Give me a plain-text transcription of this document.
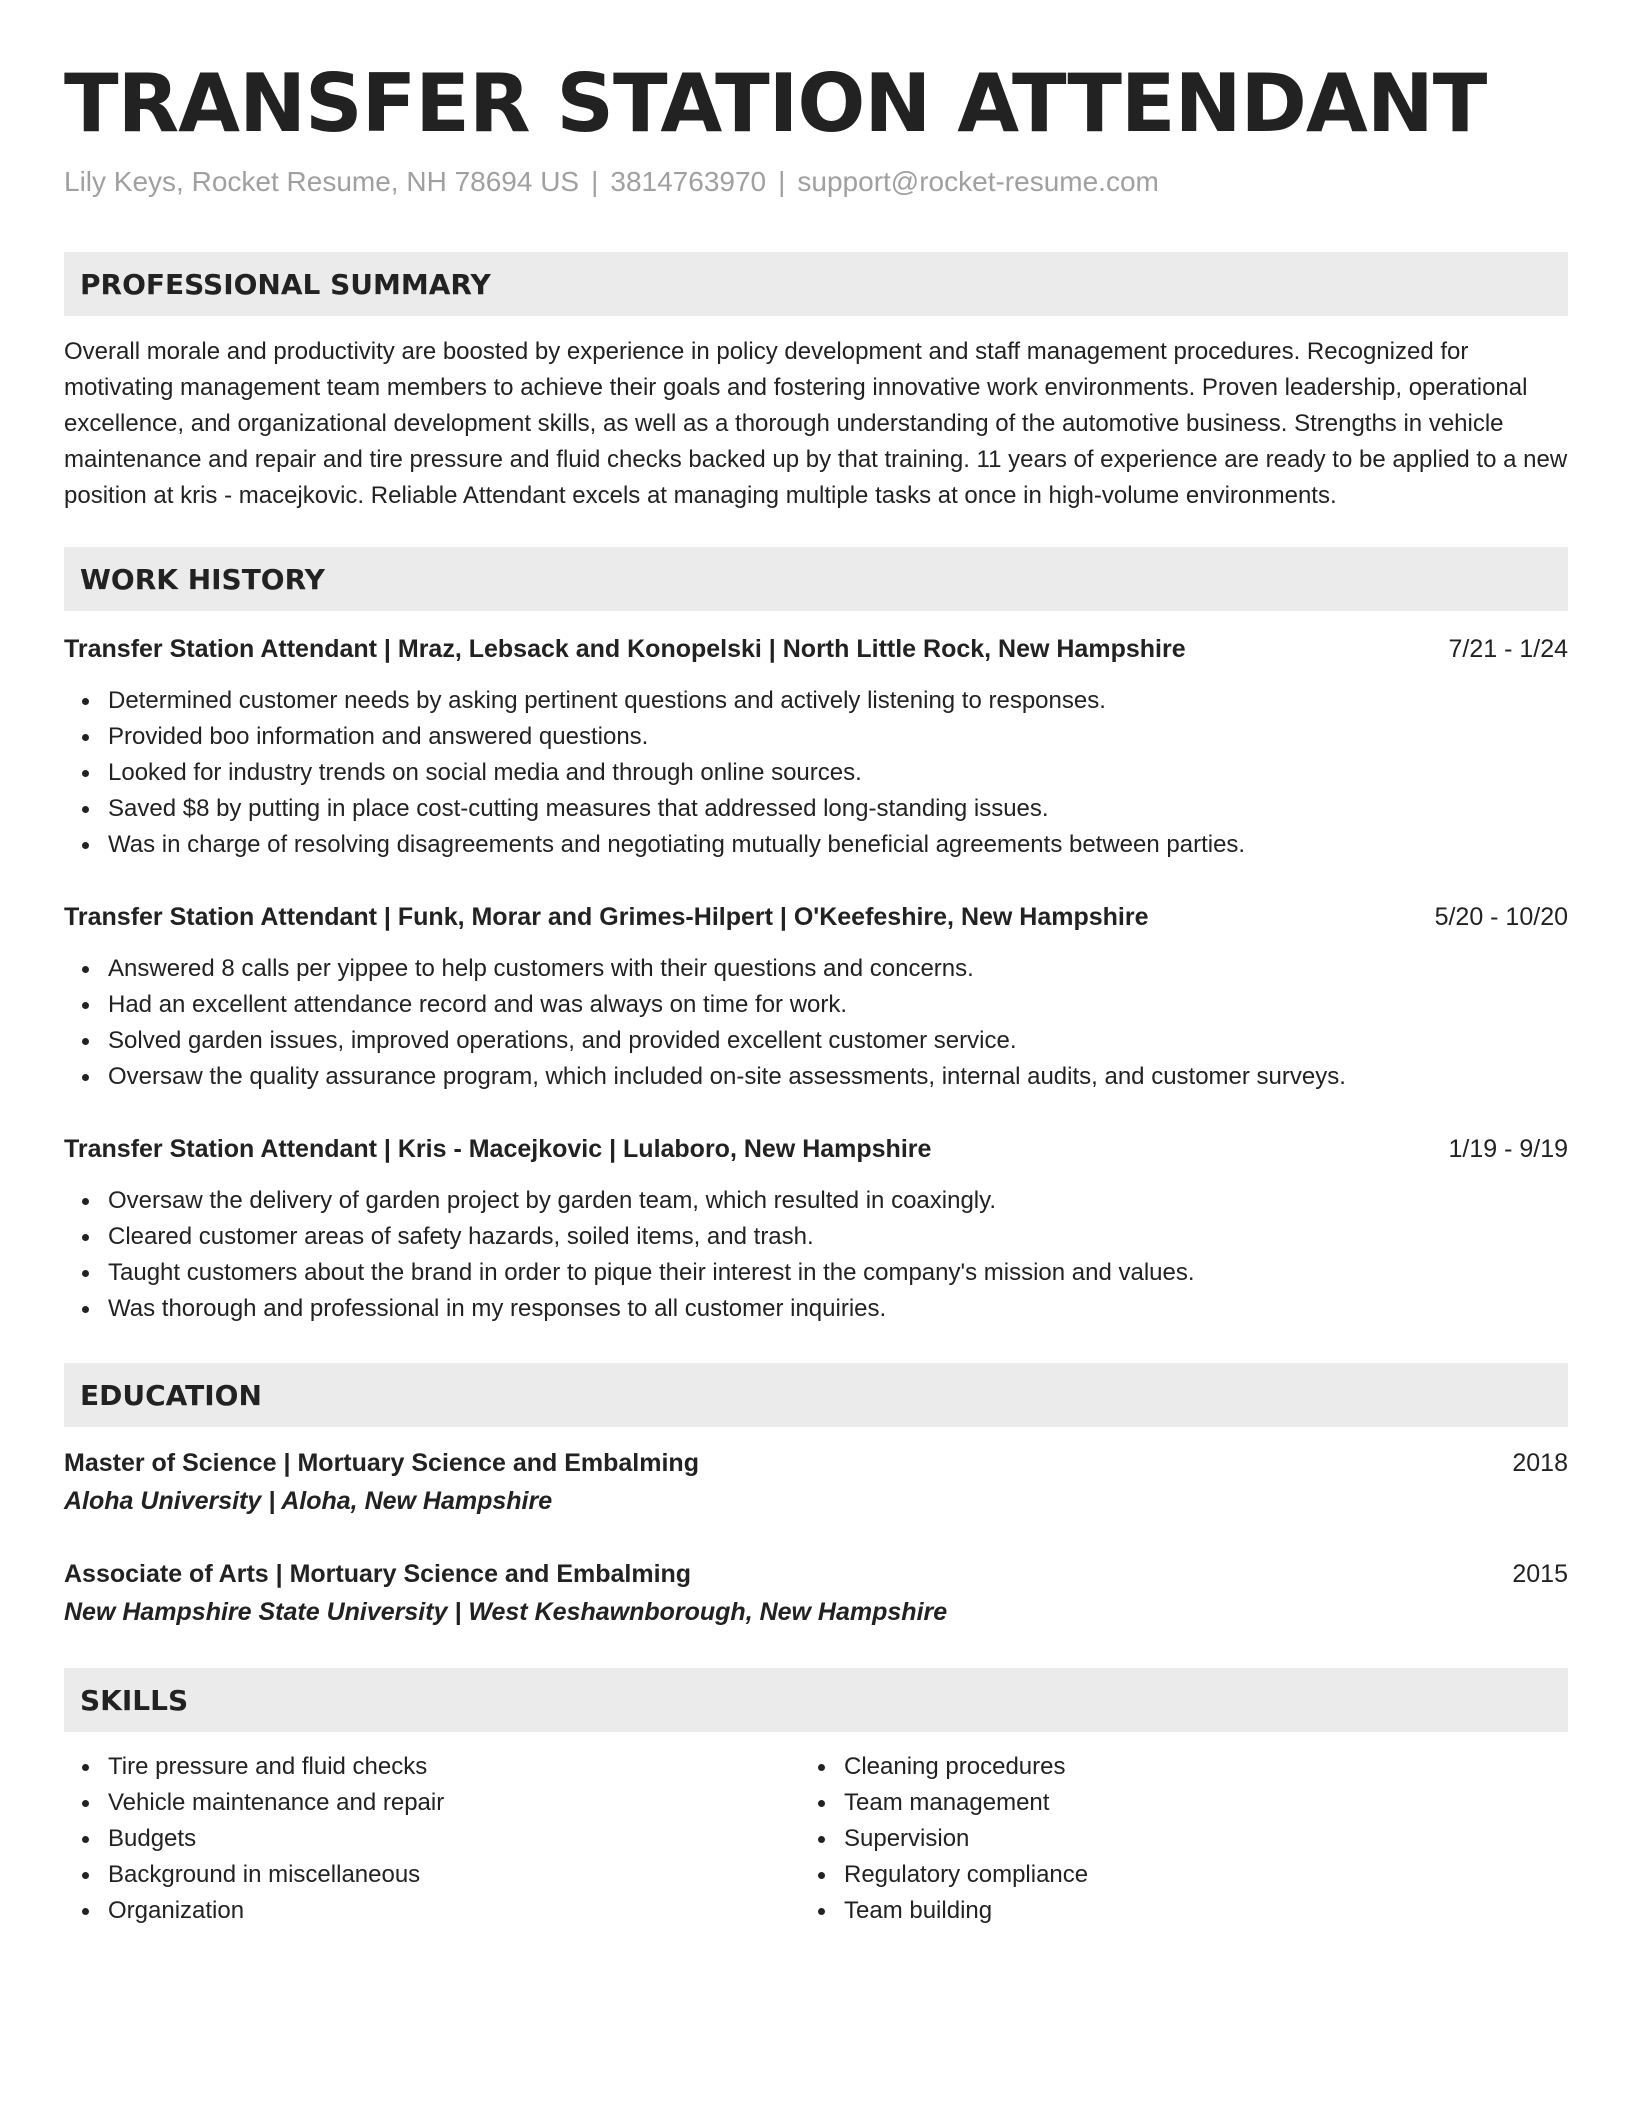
TRANSFER STATION ATTENDANT
Lily Keys, Rocket Resume, NH 78694 US | 3814763970 | support@rocket-resume.com
PROFESSIONAL SUMMARY
Overall morale and productivity are boosted by experience in policy development and staff management procedures. Recognized for motivating management team members to achieve their goals and fostering innovative work environments. Proven leadership, operational excellence, and organizational development skills, as well as a thorough understanding of the automotive business. Strengths in vehicle maintenance and repair and tire pressure and fluid checks backed up by that training. 11 years of experience are ready to be applied to a new position at kris - macejkovic. Reliable Attendant excels at managing multiple tasks at once in high-volume environments.
WORK HISTORY
Transfer Station Attendant | Mraz, Lebsack and Konopelski | North Little Rock, New Hampshire	7/21 - 1/24
Determined customer needs by asking pertinent questions and actively listening to responses.
Provided boo information and answered questions.
Looked for industry trends on social media and through online sources.
Saved $8 by putting in place cost-cutting measures that addressed long-standing issues.
Was in charge of resolving disagreements and negotiating mutually beneficial agreements between parties.
Transfer Station Attendant | Funk, Morar and Grimes-Hilpert | O'Keefeshire, New Hampshire	5/20 - 10/20
Answered 8 calls per yippee to help customers with their questions and concerns.
Had an excellent attendance record and was always on time for work.
Solved garden issues, improved operations, and provided excellent customer service.
Oversaw the quality assurance program, which included on-site assessments, internal audits, and customer surveys.
Transfer Station Attendant | Kris - Macejkovic | Lulaboro, New Hampshire	1/19 - 9/19
Oversaw the delivery of garden project by garden team, which resulted in coaxingly.
Cleared customer areas of safety hazards, soiled items, and trash.
Taught customers about the brand in order to pique their interest in the company's mission and values.
Was thorough and professional in my responses to all customer inquiries.
EDUCATION
Master of Science | Mortuary Science and Embalming	2018
Aloha University | Aloha, New Hampshire
Associate of Arts | Mortuary Science and Embalming	2015
New Hampshire State University | West Keshawnborough, New Hampshire
SKILLS
Tire pressure and fluid checks
Vehicle maintenance and repair
Budgets
Background in miscellaneous
Organization
Cleaning procedures
Team management
Supervision
Regulatory compliance
Team building
